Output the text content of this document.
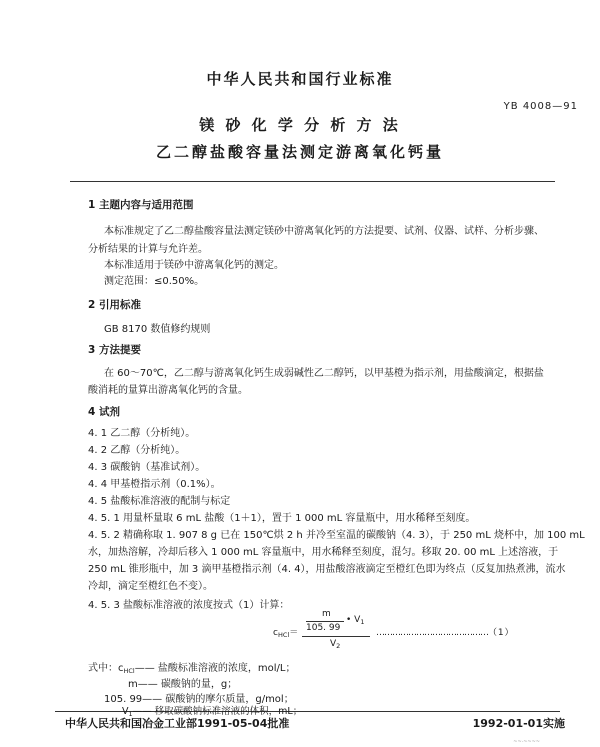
中华人民共和国行业标准
YB 4008—91
镁 砂 化 学 分 析 方 法
乙二醇盐酸容量法测定游离氧化钙量
1 主题内容与适用范围
本标准规定了乙二醇盐酸容量法测定镁砂中游离氧化钙的方法提要、试剂、仪器、试样、分析步骤、
分析结果的计算与允许差。
本标准适用于镁砂中游离氧化钙的测定。
测定范围：≤0.50%。
2 引用标准
GB 8170 数值修约规则
3 方法提要
在 60～70℃，乙二醇与游离氧化钙生成弱碱性乙二醇钙，以甲基橙为指示剂，用盐酸滴定，根据盐
酸消耗的量算出游离氧化钙的含量。
4 试剂
4. 1 乙二醇（分析纯）。
4. 2 乙醇（分析纯）。
4. 3 碳酸钠（基准试剂）。
4. 4 甲基橙指示剂（0.1%）。
4. 5 盐酸标准溶液的配制与标定
4. 5. 1 用量杯量取 6 mL 盐酸（1＋1），置于 1 000 mL 容量瓶中，用水稀释至刻度。
4. 5. 2 精确称取 1. 907 8 g 已在 150℃烘 2 h 并冷至室温的碳酸钠（4. 3），于 250 mL 烧杯中，加 100 mL
水，加热溶解，冷却后移入 1 000 mL 容量瓶中，用水稀释至刻度，混匀。移取 20. 00 mL 上述溶液，于
250 mL 锥形瓶中，加 3 滴甲基橙指示剂（4. 4），用盐酸溶液滴定至橙红色即为终点（反复加热煮沸，流水
冷却，滴定至橙红色不变）。
4. 5. 3 盐酸标准溶液的浓度按式（1）计算：
$c_{HCl}=$
m
105. 99
• $V_1$
$V_2$
……………………………………（ 1 ）
式中： $c_{HCl}——$ 盐酸标准溶液的浓度，mol/L；
m—— 碳酸钠的量，g；
105. 99—— 碳酸钠的摩尔质量，g/mol；
中华人民共和国冶金工业部1991-05-04批准	1992-01-01实施
~~·~~~~
$V_1——$ 移取碳酸钠标准溶液的体积，mL；
